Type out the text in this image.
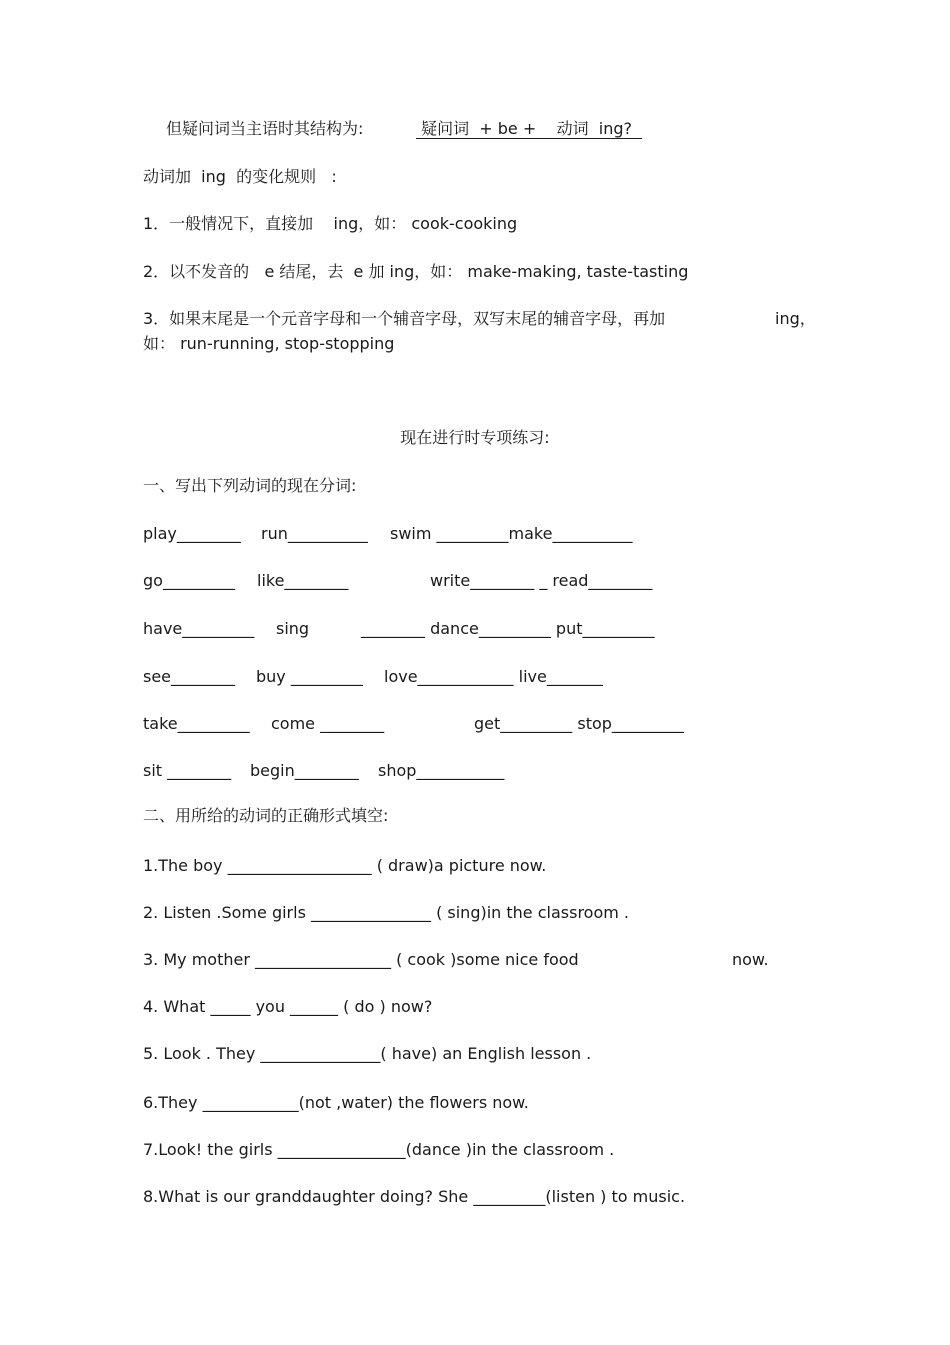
但疑问词当主语时其结构为:	疑问词  + be +    动词  ing?
动词加  ing  的变化规则   :
1．一般情况下，直接加    ing，如： cook-cooking
2．以不发音的   e 结尾，去  e 加 ing，如： make-making, taste-tasting
3．如果末尾是一个元音字母和一个辅音字母，双写末尾的辅音字母，再加	ing，
如： run-running, stop-stopping
现在进行时专项练习:
一、写出下列动词的现在分词:
play________ run__________ swim _________make__________
go_________ like________	write________ _ read________
have_________ sing	________ dance_________ put_________
see________ buy _________ love____________ live_______
take_________ come ________	get_________ stop_________
sit ________ begin________ shop___________
二、用所给的动词的正确形式填空:
1.The boy __________________ ( draw)a picture now.
2. Listen .Some girls _______________ ( sing)in the classroom .
3. My mother _________________ ( cook )some nice food	now.
4. What _____ you ______ ( do ) now?
5. Look . They _______________( have) an English lesson .
6.They ____________(not ,water) the flowers now.
7.Look! the girls ________________(dance )in the classroom .
8.What is our granddaughter doing? She _________(listen ) to music.
